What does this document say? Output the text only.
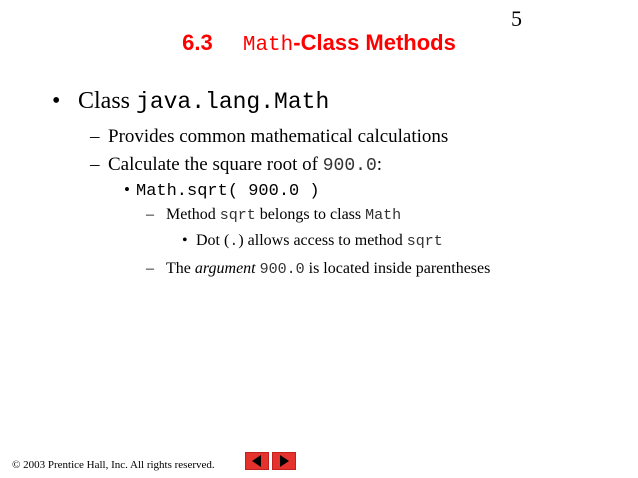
5
6.3 Math-Class Methods
• Class java.lang.Math
– Provides common mathematical calculations
– Calculate the square root of 900.0:
• Math.sqrt( 900.0 )
– Method sqrt belongs to class Math
• Dot (.) allows access to method sqrt
– The argument 900.0 is located inside parentheses
© 2003 Prentice Hall, Inc. All rights reserved.
